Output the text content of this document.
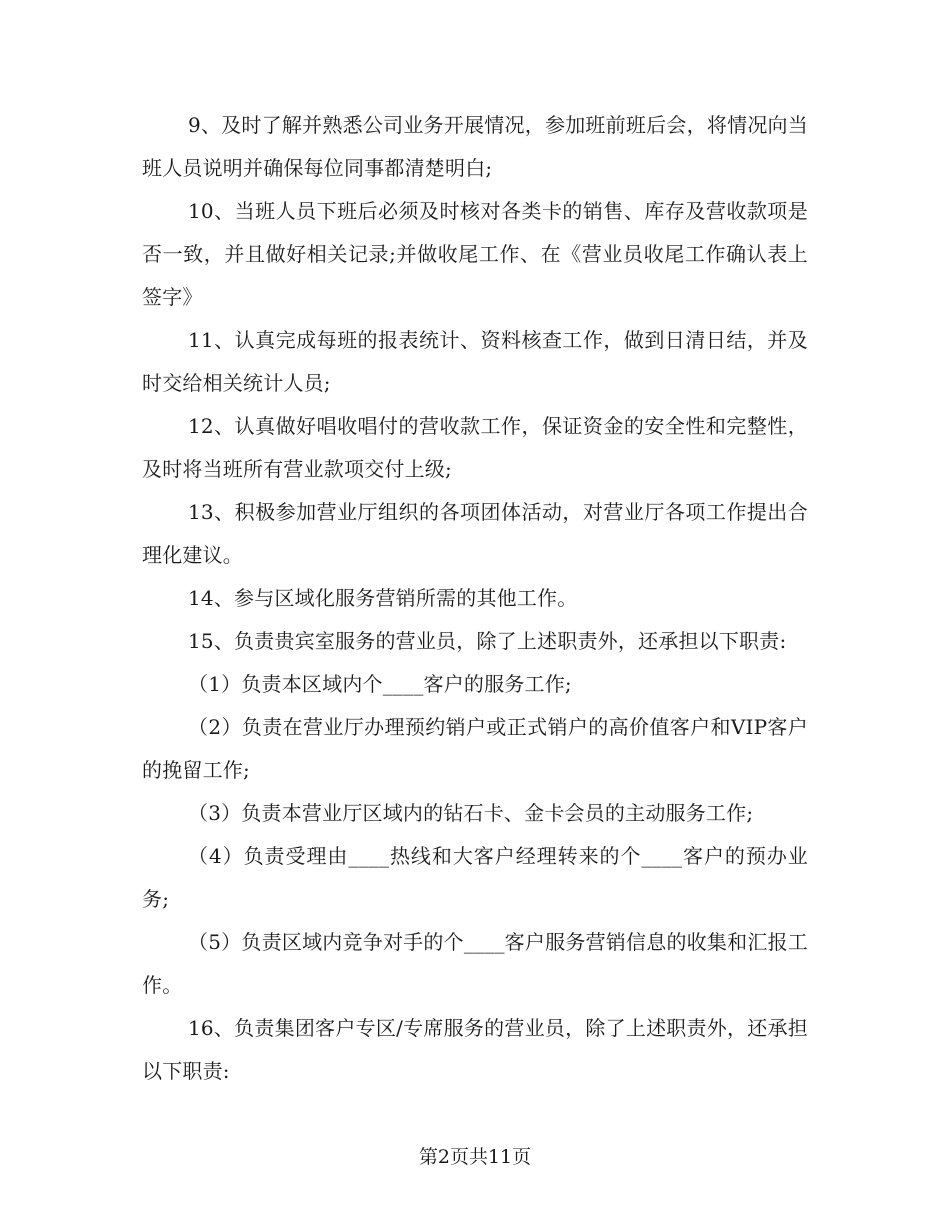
9、及时了解并熟悉公司业务开展情况，参加班前班后会，将情况向当班人员说明并确保每位同事都清楚明白;

10、当班人员下班后必须及时核对各类卡的销售、库存及营收款项是否一致，并且做好相关记录;并做收尾工作、在《营业员收尾工作确认表上签字》

11、认真完成每班的报表统计、资料核查工作，做到日清日结，并及时交给相关统计人员;

12、认真做好唱收唱付的营收款工作，保证资金的安全性和完整性，及时将当班所有营业款项交付上级;

13、积极参加营业厅组织的各项团体活动，对营业厅各项工作提出合理化建议。

14、参与区域化服务营销所需的其他工作。

15、负责贵宾室服务的营业员，除了上述职责外，还承担以下职责:

（1）负责本区域内个____客户的服务工作;

（2）负责在营业厅办理预约销户或正式销户的高价值客户和VIP客户的挽留工作;

（3）负责本营业厅区域内的钻石卡、金卡会员的主动服务工作;

（4）负责受理由____热线和大客户经理转来的个____客户的预办业务;

（5）负责区域内竞争对手的个____客户服务营销信息的收集和汇报工作。

16、负责集团客户专区/专席服务的营业员，除了上述职责外，还承担以下职责:

第2页共11页
